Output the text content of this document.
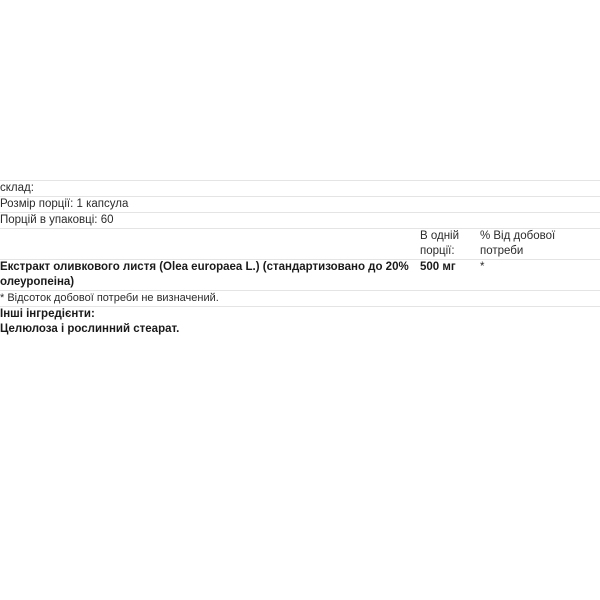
склад:		

Розмір порції: 1 капсула		

Порцій в упаковці: 60		

	В одній порції:	% Від добової потреби

Екстракт оливкового листя (Olea europaea L.) (стандартизовано до 20% олеуропеіна)	500 мг	*

* Відсоток добової потреби не визначений.		
Інші інгредієнти:		
Целюлоза і рослинний стеарат.		
